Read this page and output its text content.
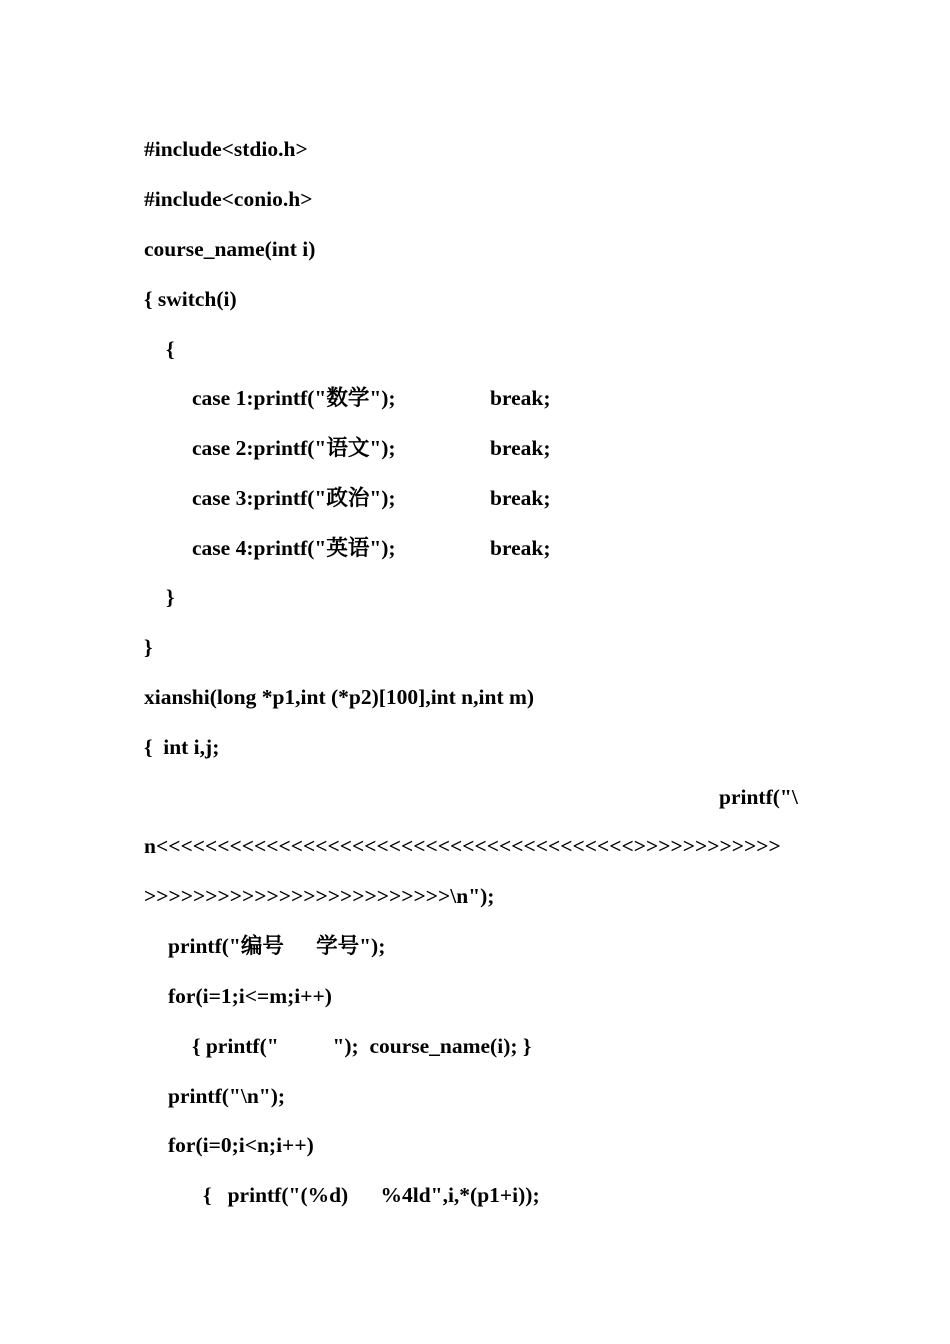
#include<stdio.h>
#include<conio.h>
course_name(int i)
{ switch(i)
{

case 1:printf("数学");

	break;

case 2:printf("语文");

	break;

case 3:printf("政治");

	break;

case 4:printf("英语");

	break;

}
}
xianshi(long *p1,int (*p2)[100],int n,int m)
{  int i,j;
printf("\
n<<<<<<<<<<<<<<<<<<<<<<<<<<<<<<<<<<<<<<<>>>>>>>>>>>>
>>>>>>>>>>>>>>>>>>>>>>>>>\n");
printf("编号      学号");
for(i=1;i<=m;i++)
{ printf("          ");  course_name(i); }
printf("\n");
for(i=0;i<n;i++)
{   printf("(%d)      %4ld",i,*(p1+i));
